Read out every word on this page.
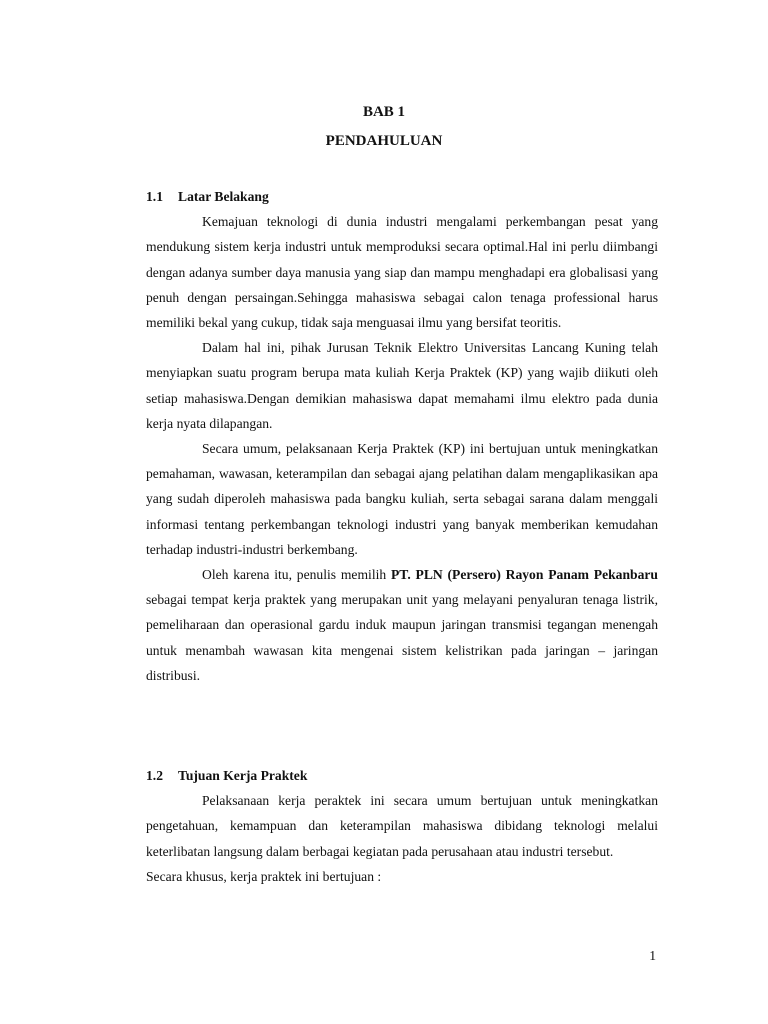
BAB 1
PENDAHULUAN
1.1	Latar Belakang

Kemajuan teknologi di dunia industri mengalami perkembangan pesat yang mendukung sistem kerja industri untuk memproduksi secara optimal.Hal ini perlu diimbangi dengan adanya sumber daya manusia yang siap dan mampu menghadapi era globalisasi yang penuh dengan persaingan.Sehingga mahasiswa sebagai calon tenaga professional harus memiliki bekal yang cukup, tidak saja menguasai ilmu yang bersifat teoritis.

Dalam hal ini, pihak Jurusan Teknik Elektro Universitas Lancang Kuning telah menyiapkan suatu program berupa mata kuliah Kerja Praktek (KP) yang wajib diikuti oleh setiap mahasiswa.Dengan demikian mahasiswa dapat memahami ilmu elektro pada dunia kerja nyata dilapangan.

Secara umum, pelaksanaan Kerja Praktek (KP) ini bertujuan untuk meningkatkan pemahaman, wawasan, keterampilan dan sebagai ajang pelatihan dalam mengaplikasikan apa yang sudah diperoleh mahasiswa pada bangku kuliah, serta sebagai sarana dalam menggali informasi tentang perkembangan teknologi industri yang banyak memberikan kemudahan terhadap industri-industri berkembang.

Oleh karena itu, penulis memilih PT. PLN (Persero) Rayon Panam Pekanbaru sebagai tempat kerja praktek yang merupakan unit yang melayani penyaluran tenaga listrik, pemeliharaan dan operasional gardu induk maupun jaringan transmisi tegangan menengah untuk menambah wawasan kita mengenai sistem kelistrikan pada jaringan – jaringan distribusi.

1.2	Tujuan Kerja Praktek

Pelaksanaan kerja peraktek ini secara umum bertujuan untuk meningkatkan pengetahuan, kemampuan dan keterampilan mahasiswa dibidang teknologi melalui keterlibatan langsung dalam berbagai kegiatan pada perusahaan atau industri tersebut.

Secara khusus, kerja praktek ini bertujuan :

1
